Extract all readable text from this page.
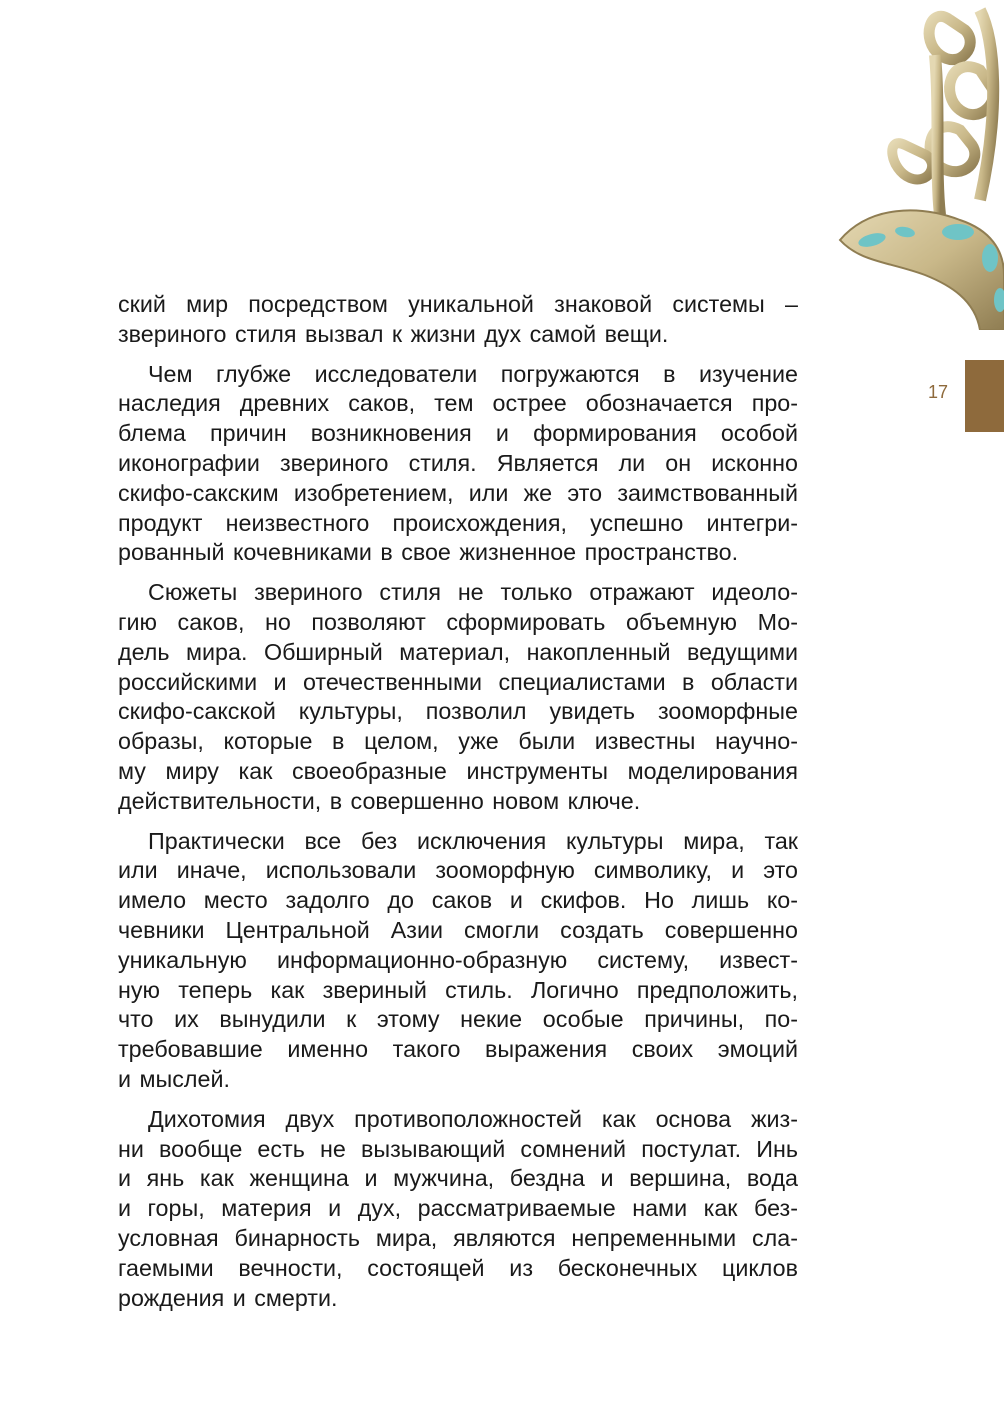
17

ский мир посредством уникальной знаковой системы –
звериного стиля вызвал к жизни дух самой вещи.

Чем глубже исследователи погружаются в изучение
наследия древних саков, тем острее обозначается про-
блема причин возникновения и формирования особой
иконографии звериного стиля. Является ли он исконно
скифо-сакским изобретением, или же это заимствованный
продукт неизвестного происхождения, успешно интегри-
рованный кочевниками в свое жизненное пространство.

Сюжеты звериного стиля не только отражают идеоло-
гию саков, но позволяют сформировать объемную Мо-
дель мира. Обширный материал, накопленный ведущими
российскими и отечественными специалистами в области
скифо-сакской культуры, позволил увидеть зооморфные
образы, которые в целом, уже были известны научно-
му миру как своеобразные инструменты моделирования
действительности, в совершенно новом ключе.

Практически все без исключения культуры мира, так
или иначе, использовали зооморфную символику, и это
имело место задолго до саков и скифов. Но лишь ко-
чевники Центральной Азии смогли создать совершенно
уникальную информационно-образную систему, извест-
ную теперь как звериный стиль. Логично предположить,
что их вынудили к этому некие особые причины, по-
требовавшие именно такого выражения своих эмоций
и мыслей.

Дихотомия двух противоположностей как основа жиз-
ни вообще есть не вызывающий сомнений постулат. Инь
и янь как женщина и мужчина, бездна и вершина, вода
и горы, материя и дух, рассматриваемые нами как без-
условная бинарность мира, являются непременными сла-
гаемыми вечности, состоящей из бесконечных циклов
рождения и смерти.
